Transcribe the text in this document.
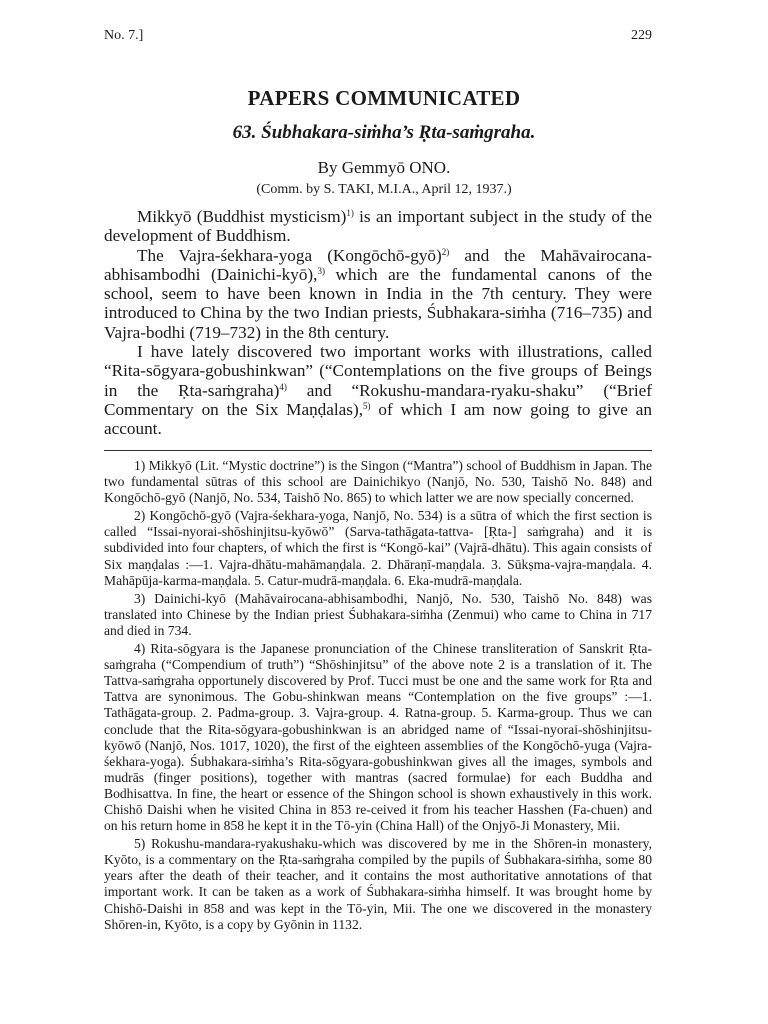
No. 7.]	229
PAPERS COMMUNICATED
63. Śubhakara-siṁha’s Ṛta-saṁgraha.
By Gemmyō ONO.
(Comm. by S. TAKI, M.I.A., April 12, 1937.)

Mikkyō (Buddhist mysticism)$^{1)}$ is an important subject in the study of the development of Buddhism.

The Vajra-śekhara-yoga (Kongōchō-gyō)$^{2)}$ and the Mahāvairocana-abhisambodhi (Dainichi-kyō),$^{3)}$ which are the fundamental canons of the school, seem to have been known in India in the 7th century. They were introduced to China by the two Indian priests, Śubhakara-siṁha (716–735) and Vajra-bodhi (719–732) in the 8th century.

I have lately discovered two important works with illustrations, called “Rita-sōgyara-gobushinkwan” (“Contemplations on the five groups of Beings in the Ṛta-saṁgraha)$^{4)}$ and “Rokushu-mandara-ryaku-shaku” (“Brief Commentary on the Six Maṇḍalas),$^{5)}$ of which I am now going to give an account.

1) Mikkyō (Lit. “Mystic doctrine”) is the Singon (“Mantra”) school of Buddhism in Japan. The two fundamental sūtras of this school are Dainichikyo (Nanjō, No. 530, Taishō No. 848) and Kongōchō-gyō (Nanjō, No. 534, Taishō No. 865) to which latter we are now specially concerned.

2) Kongōchō-gyō (Vajra-śekhara-yoga, Nanjō, No. 534) is a sūtra of which the first section is called “Issai-nyorai-shōshinjitsu-kyōwō” (Sarva-tathāgata-tattva- [Ṛta-] saṁgraha) and it is subdivided into four chapters, of which the first is “Kongō-kai” (Vajrā-dhātu). This again consists of Six maṇḍalas :—1. Vajra-dhātu-mahāmaṇḍala. 2. Dhāraṇī-maṇḍala. 3. Sūkṣma-vajra-maṇḍala. 4. Mahāpūja-karma-maṇḍala. 5. Catur-mudrā-maṇḍala. 6. Eka-mudrā-maṇḍala.

3) Dainichi-kyō (Mahāvairocana-abhisambodhi, Nanjō, No. 530, Taishō No. 848) was translated into Chinese by the Indian priest Śubhakara-siṁha (Zenmui) who came to China in 717 and died in 734.

4) Rita-sōgyara is the Japanese pronunciation of the Chinese transliteration of Sanskrit Ṛta-saṁgraha (“Compendium of truth”) “Shōshinjitsu” of the above note 2 is a translation of it. The Tattva-saṁgraha opportunely discovered by Prof. Tucci must be one and the same work for Ṛta and Tattva are synonimous. The Gobu-shinkwan means “Contemplation on the five groups” :—1. Tathāgata-group. 2. Padma-group. 3. Vajra-group. 4. Ratna-group. 5. Karma-group. Thus we can conclude that the Rita-sōgyara-gobushinkwan is an abridged name of “Issai-nyorai-shōshinjitsu-kyōwō (Nanjō, Nos. 1017, 1020), the first of the eighteen assemblies of the Kongōchō-yuga (Vajra-śekhara-yoga). Śubhakara-siṁha’s Rita-sōgyara-gobushinkwan gives all the images, symbols and mudrās (finger positions), together with mantras (sacred formulae) for each Buddha and Bodhisattva. In fine, the heart or essence of the Shingon school is shown exhaustively in this work. Chishō Daishi when he visited China in 853 re-ceived it from his teacher Hasshen (Fa-chuen) and on his return home in 858 he kept it in the Tō-yin (China Hall) of the Onjyō-Ji Monastery, Mii.

5) Rokushu-mandara-ryakushaku-which was discovered by me in the Shōren-in monastery, Kyōto, is a commentary on the Ṛta-saṁgraha compiled by the pupils of Śubhakara-siṁha, some 80 years after the death of their teacher, and it contains the most authoritative annotations of that important work. It can be taken as a work of Śubhakara-siṁha himself. It was brought home by Chishō-Daishi in 858 and was kept in the Tō-yin, Mii. The one we discovered in the monastery Shōren-in, Kyōto, is a copy by Gyōnin in 1132.
